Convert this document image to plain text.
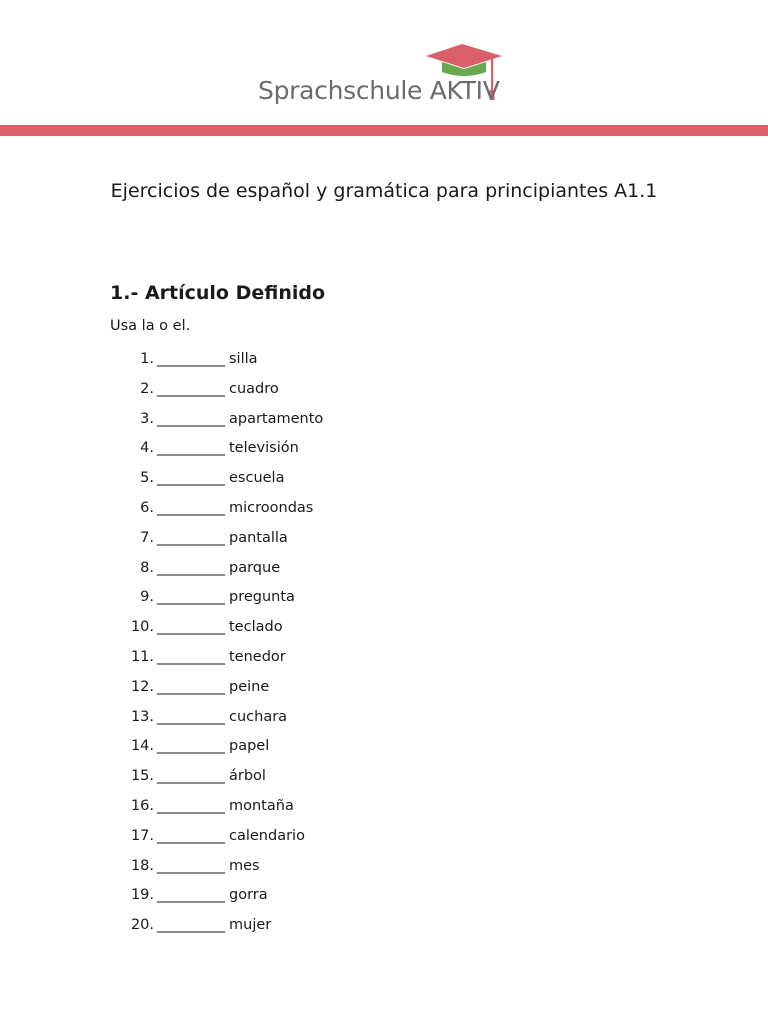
Sprachschule AKTIV
Ejercicios de español y gramática para principiantes A1.1
1.- Artículo Definido
Usa la o el.
1. __________ silla
2. __________ cuadro
3. __________ apartamento
4. __________ televisión
5. __________ escuela
6. __________ microondas
7. __________ pantalla
8. __________ parque
9. __________ pregunta
10. __________ teclado
11. __________ tenedor
12. __________ peine
13. __________ cuchara
14. __________ papel
15. __________ árbol
16. __________ montaña
17. __________ calendario
18. __________ mes
19. __________ gorra
20. __________ mujer
